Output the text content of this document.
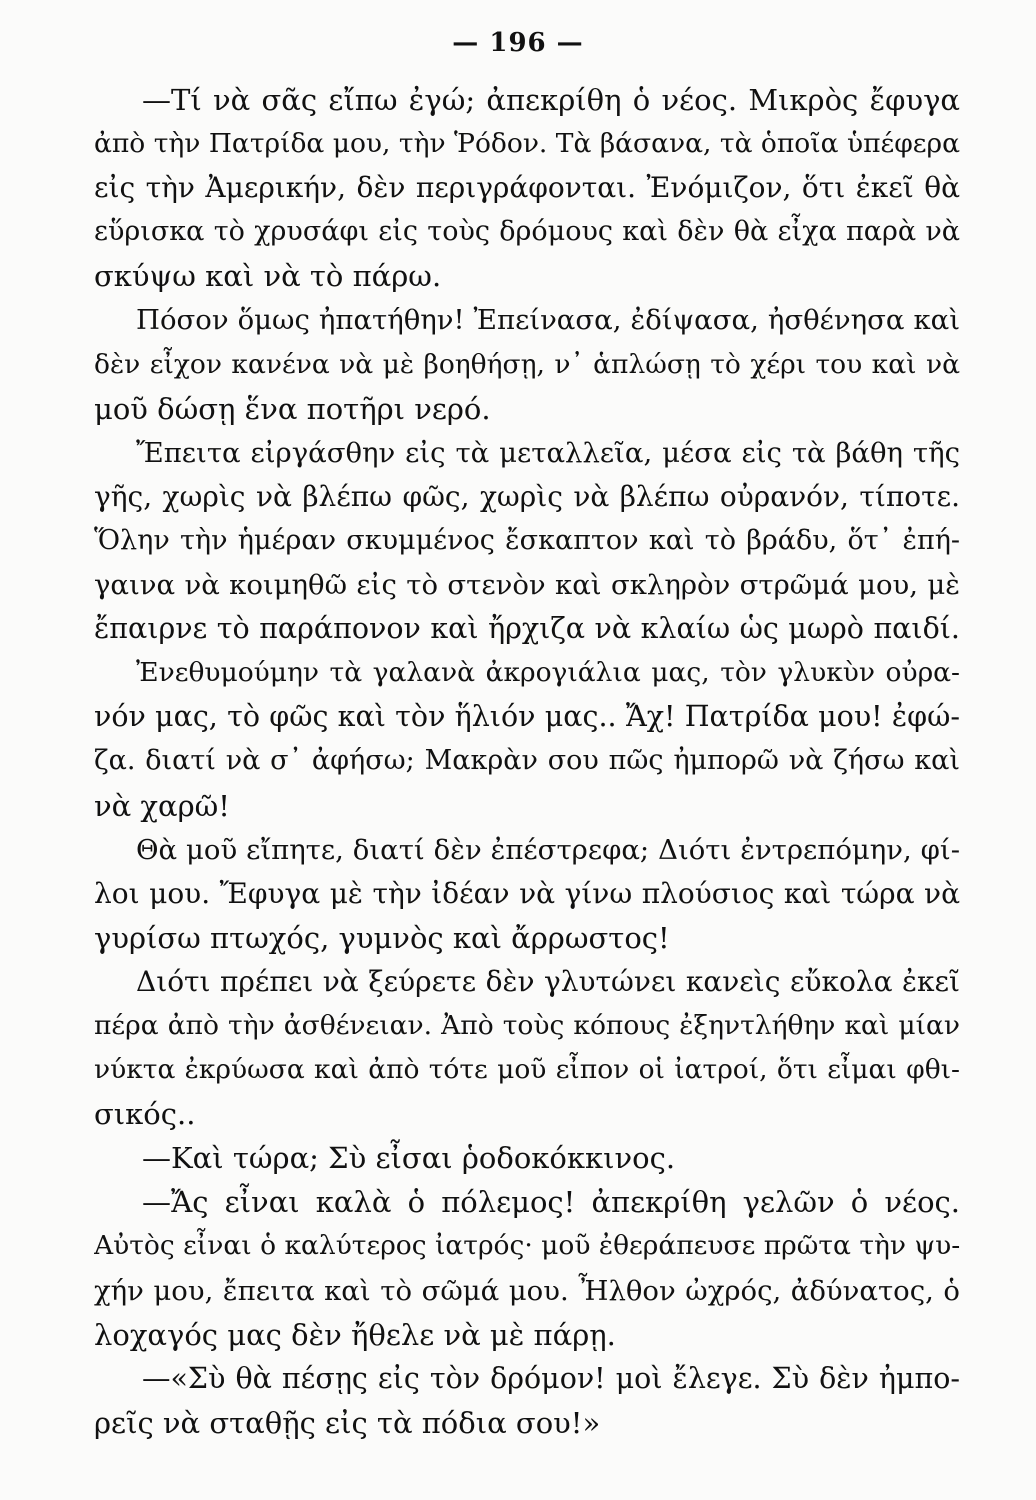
— 196 —
—Τί νὰ σᾶς εἴπω ἐγώ; ἀπεκρίθη ὁ νέος. Μικρὸς ἔφυγα
ἀπὸ τὴν Πατρίδα μου, τὴν Ῥόδον. Τὰ βάσανα, τὰ ὁποῖα ὑπέφερα
εἰς τὴν Ἀμερικήν, δὲν περιγράφονται. Ἐνόμιζον, ὅτι ἐκεῖ θὰ
εὕρισκα τὸ χρυσάφι εἰς τοὺς δρόμους καὶ δὲν θὰ εἶχα παρὰ νὰ
σκύψω καὶ νὰ τὸ πάρω.
Πόσον ὅμως ἠπατήθην! Ἐπείνασα, ἐδίψασα, ἠσθένησα καὶ
δὲν εἶχον κανένα νὰ μὲ βοηθήσῃ, ν᾽ ἁπλώσῃ τὸ χέρι του καὶ νὰ
μοῦ δώσῃ ἕνα ποτῆρι νερό.
Ἔπειτα εἰργάσθην εἰς τὰ μεταλλεῖα, μέσα εἰς τὰ βάθη τῆς
γῆς, χωρὶς νὰ βλέπω φῶς, χωρὶς νὰ βλέπω οὐρανόν, τίποτε.
Ὅλην τὴν ἡμέραν σκυμμένος ἔσκαπτον καὶ τὸ βράδυ, ὅτ᾽ ἐπή-
γαινα νὰ κοιμηθῶ εἰς τὸ στενὸν καὶ σκληρὸν στρῶμά μου, μὲ
ἔπαιρνε τὸ παράπονον καὶ ἤρχιζα νὰ κλαίω ὡς μωρὸ παιδί.
Ἐνεθυμούμην τὰ γαλανὰ ἀκρογιάλια μας, τὸν γλυκὺν οὐρα-
νόν μας, τὸ φῶς καὶ τὸν ἥλιόν μας.. Ἄχ! Πατρίδα μου! ἐφώ-
ζα. διατί νὰ σ᾽ ἀφήσω; Μακρὰν σου πῶς ἠμπορῶ νὰ ζήσω καὶ
νὰ χαρῶ!
Θὰ μοῦ εἴπητε, διατί δὲν ἐπέστρεφα; Διότι ἐντρεπόμην, φί-
λοι μου. Ἔφυγα μὲ τὴν ἰδέαν νὰ γίνω πλούσιος καὶ τώρα νὰ
γυρίσω πτωχός, γυμνὸς καὶ ἄρρωστος!
Διότι πρέπει νὰ ξεύρετε δὲν γλυτώνει κανεὶς εὔκολα ἐκεῖ
πέρα ἀπὸ τὴν ἀσθένειαν. Ἀπὸ τοὺς κόπους ἐξηντλήθην καὶ μίαν
νύκτα ἐκρύωσα καὶ ἀπὸ τότε μοῦ εἶπον οἱ ἰατροί, ὅτι εἶμαι φθι-
σικός..
—Καὶ τώρα; Σὺ εἶσαι ῥοδοκόκκινος.
—Ἄς εἶναι καλὰ ὁ πόλεμος! ἀπεκρίθη γελῶν ὁ νέος.
Αὐτὸς εἶναι ὁ καλύτερος ἰατρός· μοῦ ἐθεράπευσε πρῶτα τὴν ψυ-
χήν μου, ἔπειτα καὶ τὸ σῶμά μου. Ἦλθον ὠχρός, ἀδύνατος, ὁ
λοχαγός μας δὲν ἤθελε νὰ μὲ πάρῃ.
—«Σὺ θὰ πέσῃς εἰς τὸν δρόμον! μοὶ ἔλεγε. Σὺ δὲν ἠμπο-
ρεῖς νὰ σταθῇς εἰς τὰ πόδια σου!»
